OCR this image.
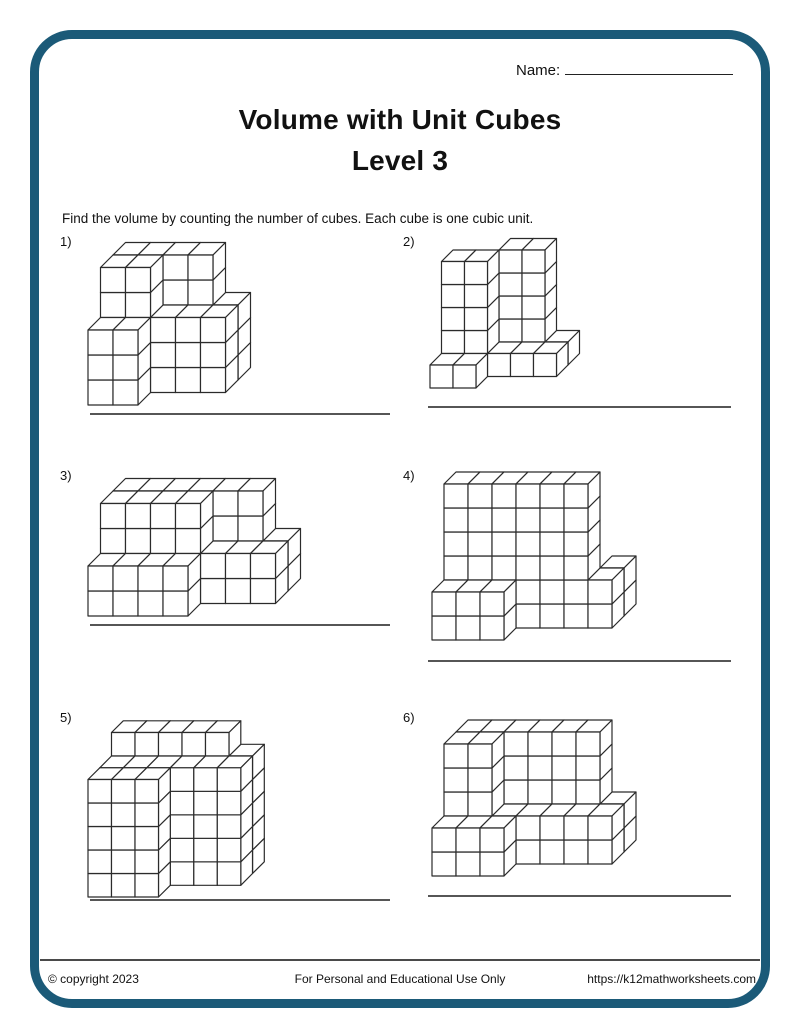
Name:
Volume with Unit Cubes
Level 3
Find the volume by counting the number of cubes. Each cube is one cubic unit.
1)	2)
3)	4)
5)	6)
© copyright 2023	For Personal and Educational Use Only	https://k12mathworksheets.com
